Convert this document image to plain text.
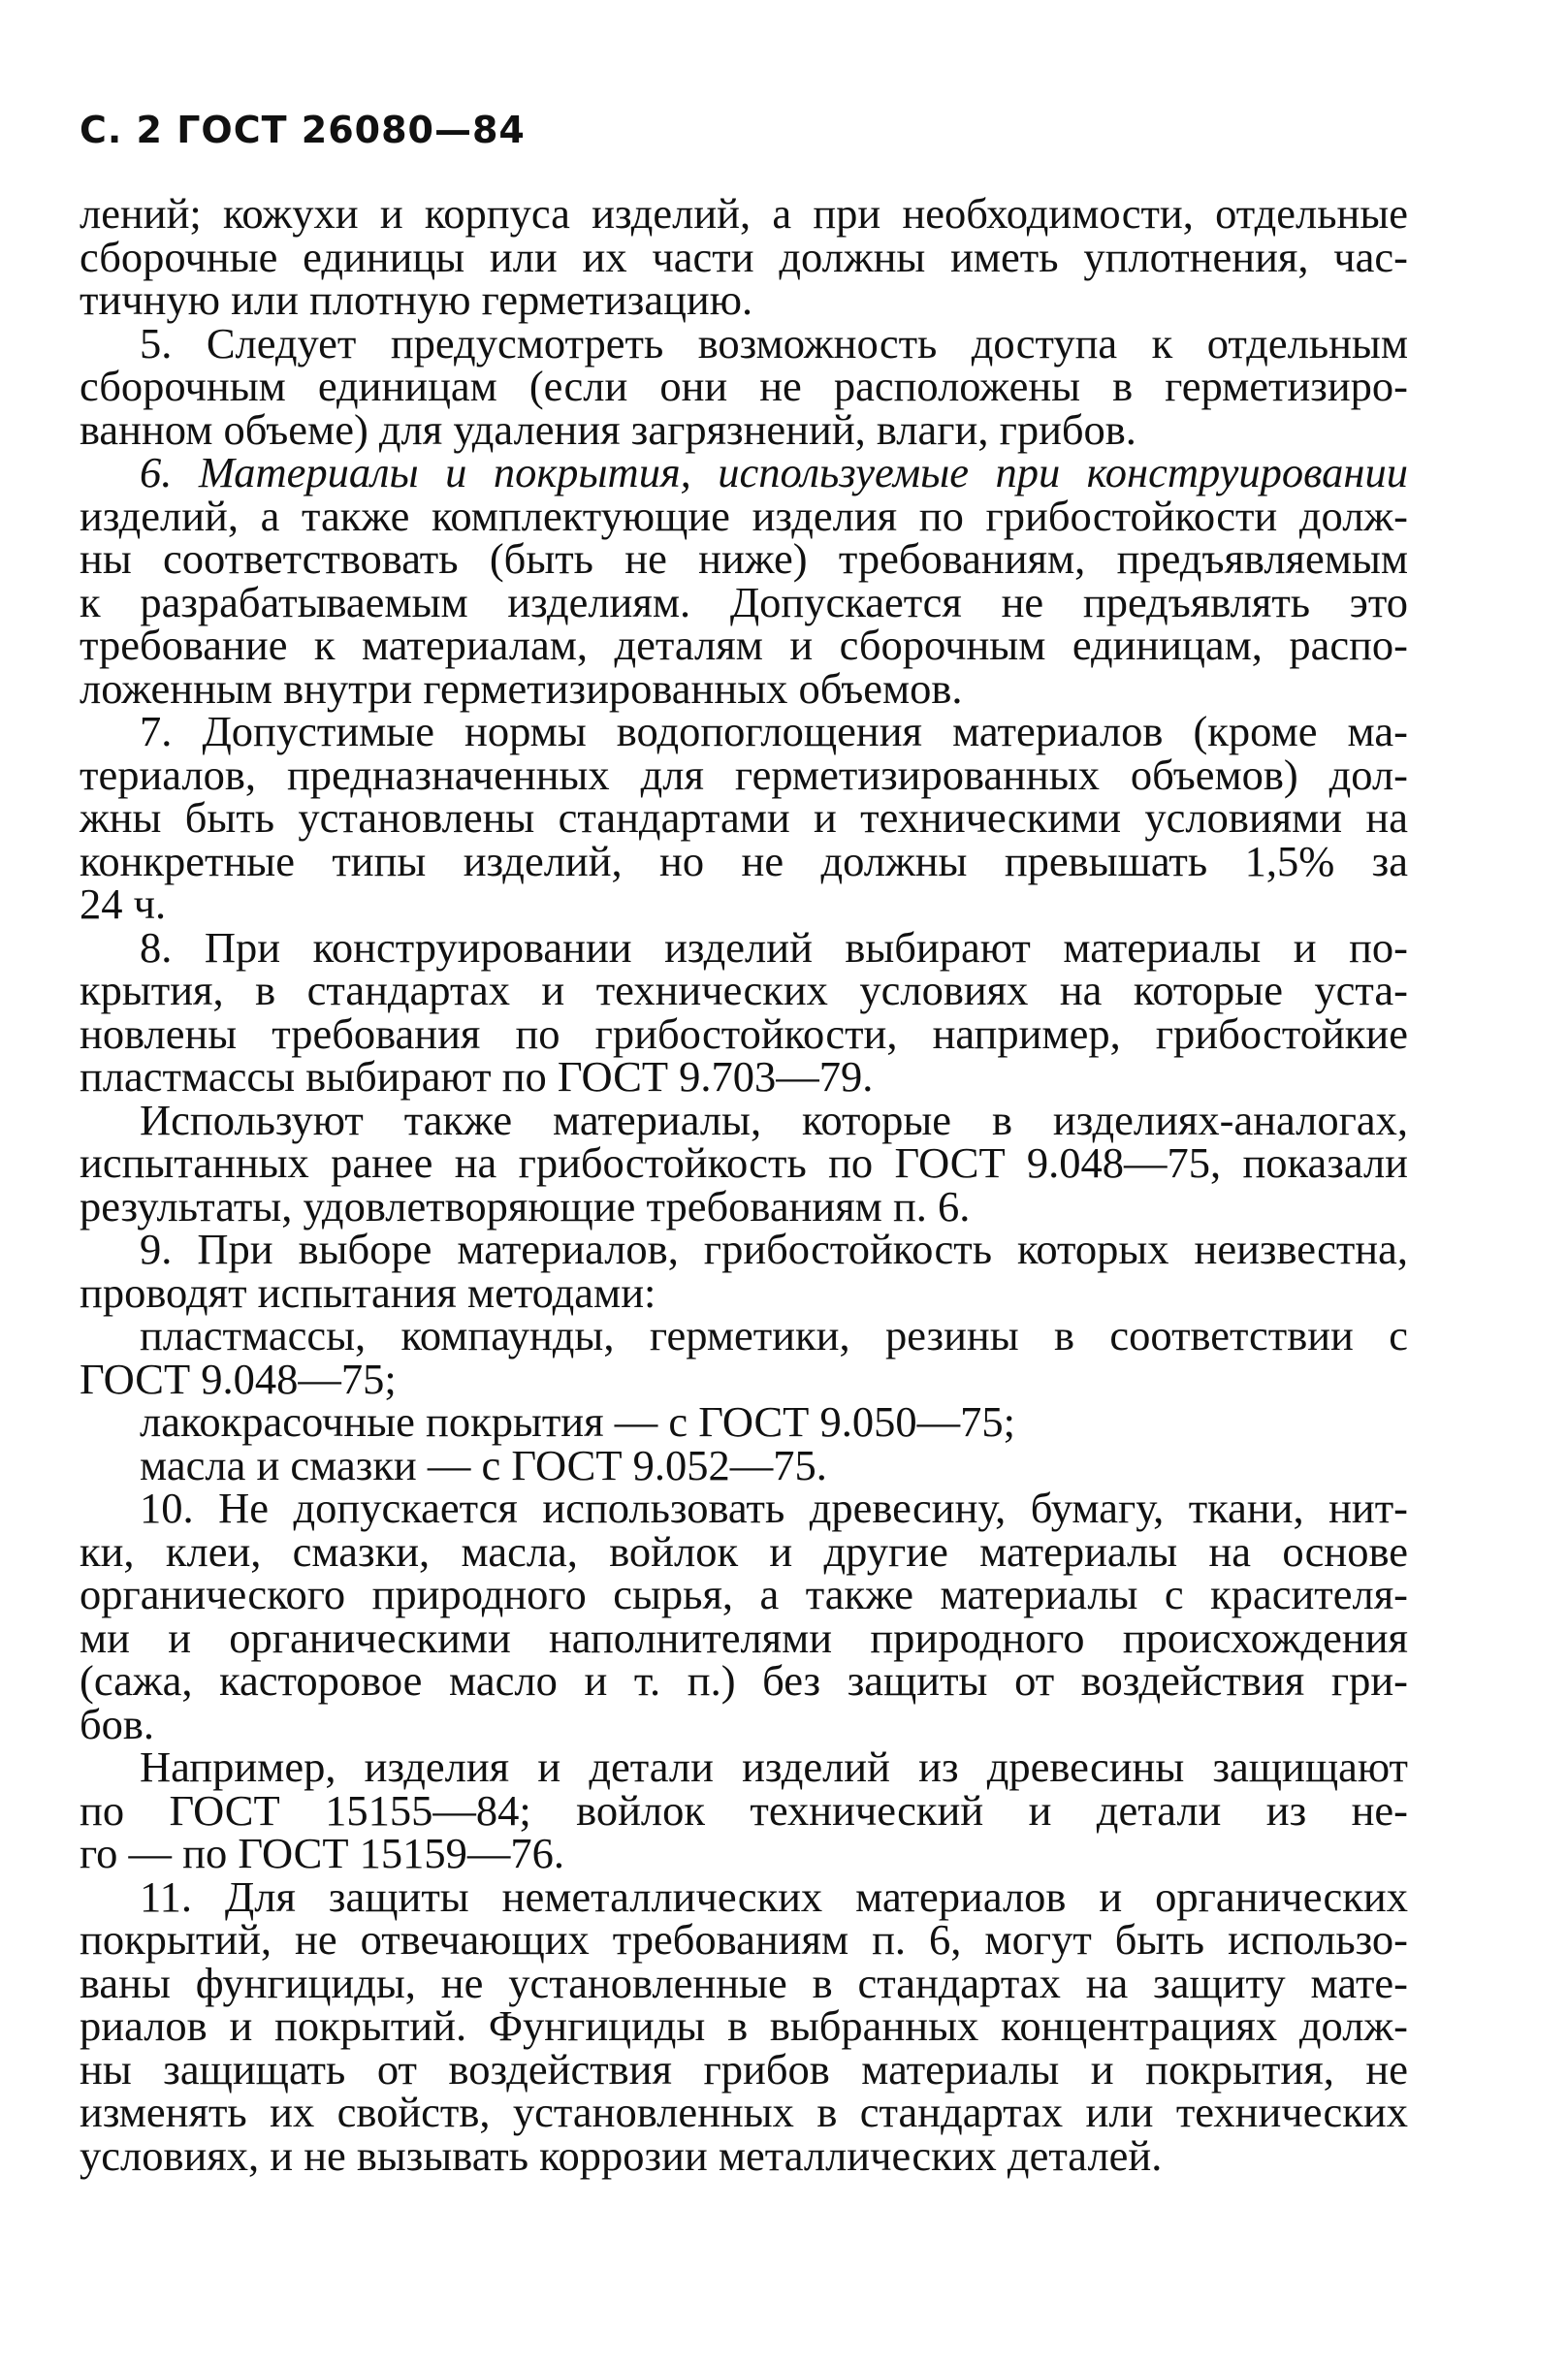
С. 2 ГОСТ 26080—84
лений; кожухи и корпуса изделий, а при необходимости, отдельные
сборочные единицы или их части должны иметь уплотнения, час-
тичную или плотную герметизацию.
5. Следует предусмотреть возможность доступа к отдельным
сборочным единицам (если они не расположены в герметизиро-
ванном объеме) для удаления загрязнений, влаги, грибов.
6. Материалы и покрытия, используемые при конструировании
изделий, а также комплектующие изделия по грибостойкости долж-
ны соответствовать (быть не ниже) требованиям, предъявляемым
к разрабатываемым изделиям. Допускается не предъявлять это
требование к материалам, деталям и сборочным единицам, распо-
ложенным внутри герметизированных объемов.
7. Допустимые нормы водопоглощения материалов (кроме ма-
териалов, предназначенных для герметизированных объемов) дол-
жны быть установлены стандартами и техническими условиями на
конкретные типы изделий, но не должны превышать 1,5% за
24 ч.
8. При конструировании изделий выбирают материалы и по-
крытия, в стандартах и технических условиях на которые уста-
новлены требования по грибостойкости, например, грибостойкие
пластмассы выбирают по ГОСТ 9.703—79.
Используют также материалы, которые в изделиях-аналогах,
испытанных ранее на грибостойкость по ГОСТ 9.048—75, показали
результаты, удовлетворяющие требованиям п. 6.
9. При выборе материалов, грибостойкость которых неизвестна,
проводят испытания методами:
пластмассы, компаунды, герметики, резины в соответствии с
ГОСТ 9.048—75;
лакокрасочные покрытия — с ГОСТ 9.050—75;
масла и смазки — с ГОСТ 9.052—75.
10. Не допускается использовать древесину, бумагу, ткани, нит-
ки, клеи, смазки, масла, войлок и другие материалы на основе
органического природного сырья, а также материалы с красителя-
ми и органическими наполнителями природного происхождения
(сажа, касторовое масло и т. п.) без защиты от воздействия гри-
бов.
Например, изделия и детали изделий из древесины защищают
по ГОСТ 15155—84; войлок технический и детали из не-
го — по ГОСТ 15159—76.
11. Для защиты неметаллических материалов и органических
покрытий, не отвечающих требованиям п. 6, могут быть использо-
ваны фунгициды, не установленные в стандартах на защиту мате-
риалов и покрытий. Фунгициды в выбранных концентрациях долж-
ны защищать от воздействия грибов материалы и покрытия, не
изменять их свойств, установленных в стандартах или технических
условиях, и не вызывать коррозии металлических деталей.
